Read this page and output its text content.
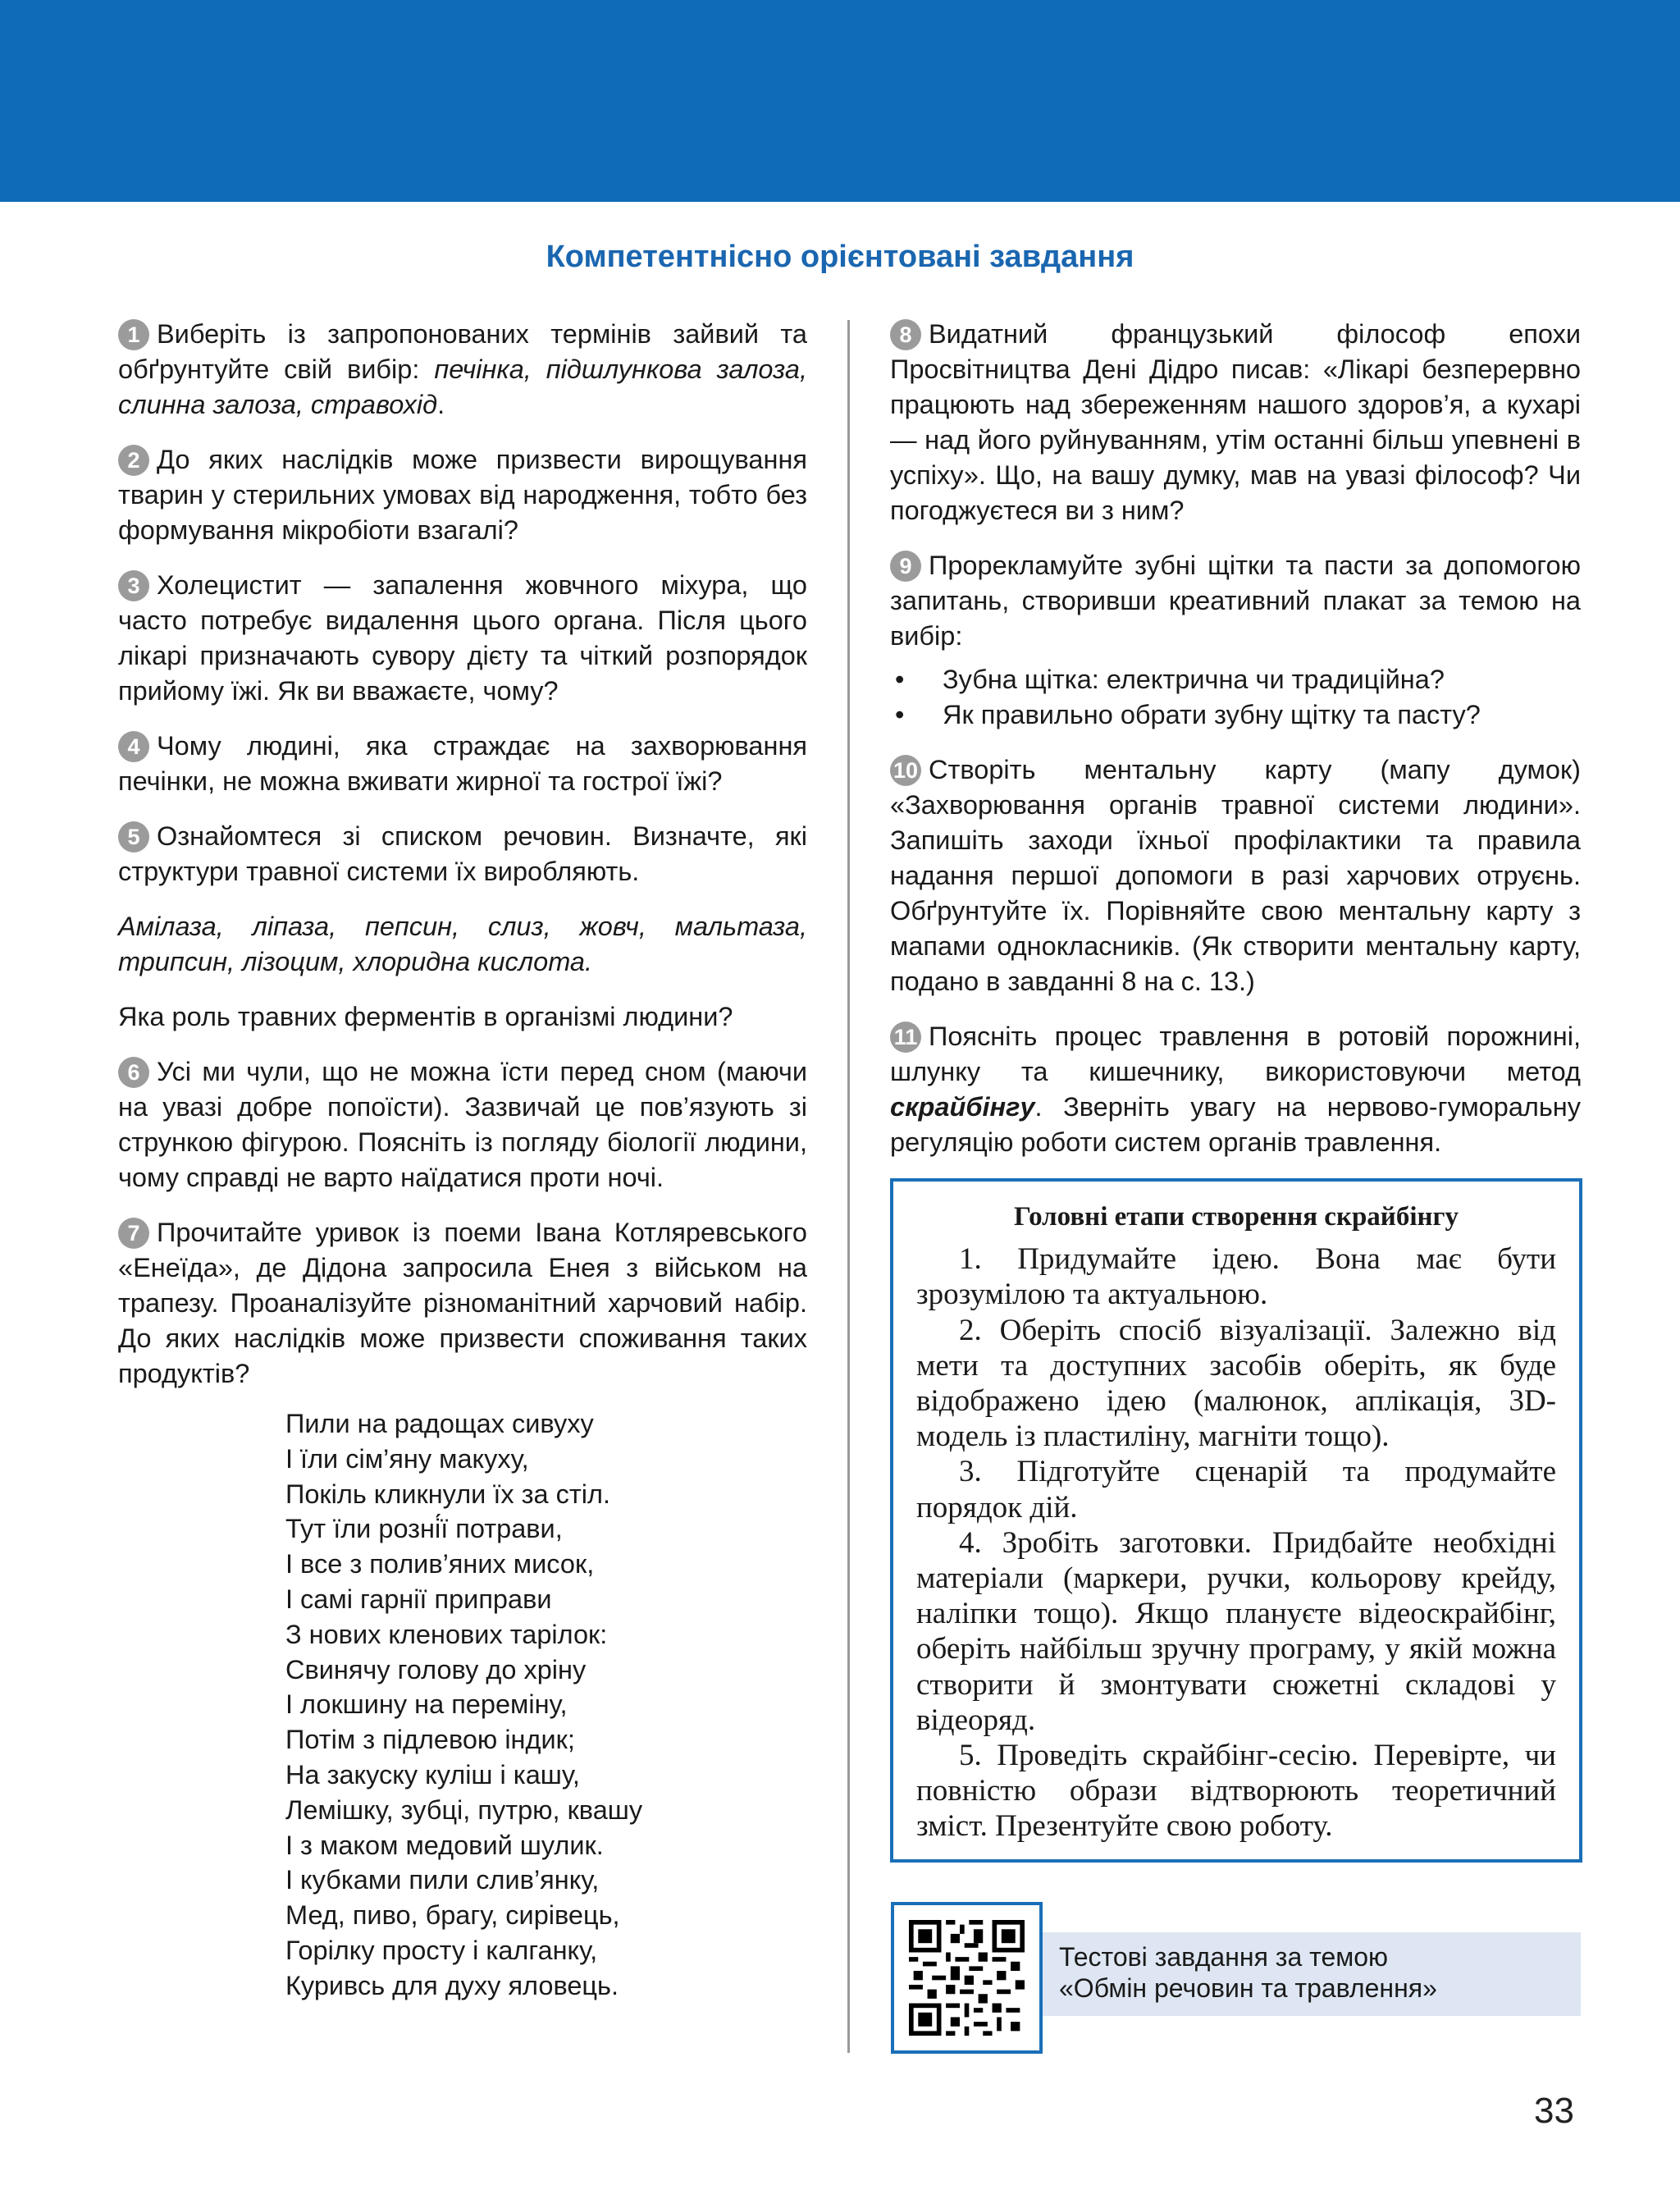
Компетентнісно орієнтовані завдання
1 Виберіть із запропонованих термінів зайвий та обґрунтуйте свій вибір: печінка, підшлункова залоза, слинна залоза, стравохід.
2 До яких наслідків може призвести вирощування тварин у стерильних умовах від народження, тобто без формування мікробіоти взагалі?
3 Холецистит — запалення жовчного міхура, що часто потребує видалення цього органа. Після цього лікарі призначають сувору дієту та чіткий розпорядок прийому їжі. Як ви вважаєте, чому?
4 Чому людині, яка страждає на захворювання печінки, не можна вживати жирної та гострої їжі?
5 Ознайомтеся зі списком речовин. Визначте, які структури травної системи їх виробляють.
Амілаза, ліпаза, пепсин, слиз, жовч, мальтаза, трипсин, лізоцим, хлоридна кислота.
Яка роль травних ферментів в організмі людини?
6 Усі ми чули, що не можна їсти перед сном (маючи на увазі добре попоїсти). Зазвичай це пов’язують зі стрункою фігурою. Поясніть із погляду біології людини, чому справді не варто наїдатися проти ночі.
7 Прочитайте уривок із поеми Івана Котляревського «Енеїда», де Дідона запросила Енея з військом на трапезу. Проаналізуйте різноманітний харчовий набір. До яких наслідків може призвести споживання таких продуктів?
Пили на радощах сивуху
І їли сім’яну макуху,
Покіль кликнули їх за стіл.
Тут їли розні́ї потрави,
І все з полив’яних мисок,
І самі гарнії приправи
З нових кленових тарілок:
Свинячу голову до хріну
І локшину на переміну,
Потім з підлевою індик;
На закуску куліш і кашу,
Лемішку, зубці, путрю, квашу
І з маком медовий шулик.
І кубками пили слив’янку,
Мед, пиво, брагу, сирівець,
Горілку просту і калганку,
Куривсь для духу яловець.
8 Видатний французький філософ епохи Просвітництва Дені Дідро писав: «Лікарі безперервно працюють над збереженням нашого здоров’я, а кухарі — над його руйнуванням, утім останні більш упевнені в успіху». Що, на вашу думку, мав на увазі філософ? Чи погоджуєтеся ви з ним?
9 Прорекламуйте зубні щітки та пасти за допомогою запитань, створивши креативний плакат за темою на вибір:
• Зубна щітка: електрична чи традиційна?
• Як правильно обрати зубну щітку та пасту?
10 Створіть ментальну карту (мапу думок) «Захворювання органів травної системи людини». Запишіть заходи їхньої профілактики та правила надання першої допомоги в разі харчових отруєнь. Обґрунтуйте їх. Порівняйте свою ментальну карту з мапами однокласників. (Як створити ментальну карту, подано в завданні 8 на с. 13.)
11 Поясніть процес травлення в ротовій порожнині, шлунку та кишечнику, використовуючи метод скрайбінгу. Зверніть увагу на нервово-гуморальну регуляцію роботи систем органів травлення.
Головні етапи створення скрайбінгу
1. Придумайте ідею. Вона має бути зрозумілою та актуальною.
2. Оберіть спосіб візуалізації. Залежно від мети та доступних засобів оберіть, як буде відображено ідею (малюнок, аплікація, 3D-модель із пластиліну, магніти тощо).
3. Підготуйте сценарій та продумайте порядок дій.
4. Зробіть заготовки. Придбайте необхідні матеріали (маркери, ручки, кольорову крейду, наліпки тощо). Якщо плануєте відеоскрайбінг, оберіть найбільш зручну програму, у якій можна створити й змонтувати сюжетні складові у відеоряд.
5. Проведіть скрайбінг-сесію. Перевірте, чи повністю образи відтворюють теоретичний зміст. Презентуйте свою роботу.
Тестові завдання за темою
«Обмін речовин та травлення»
33
